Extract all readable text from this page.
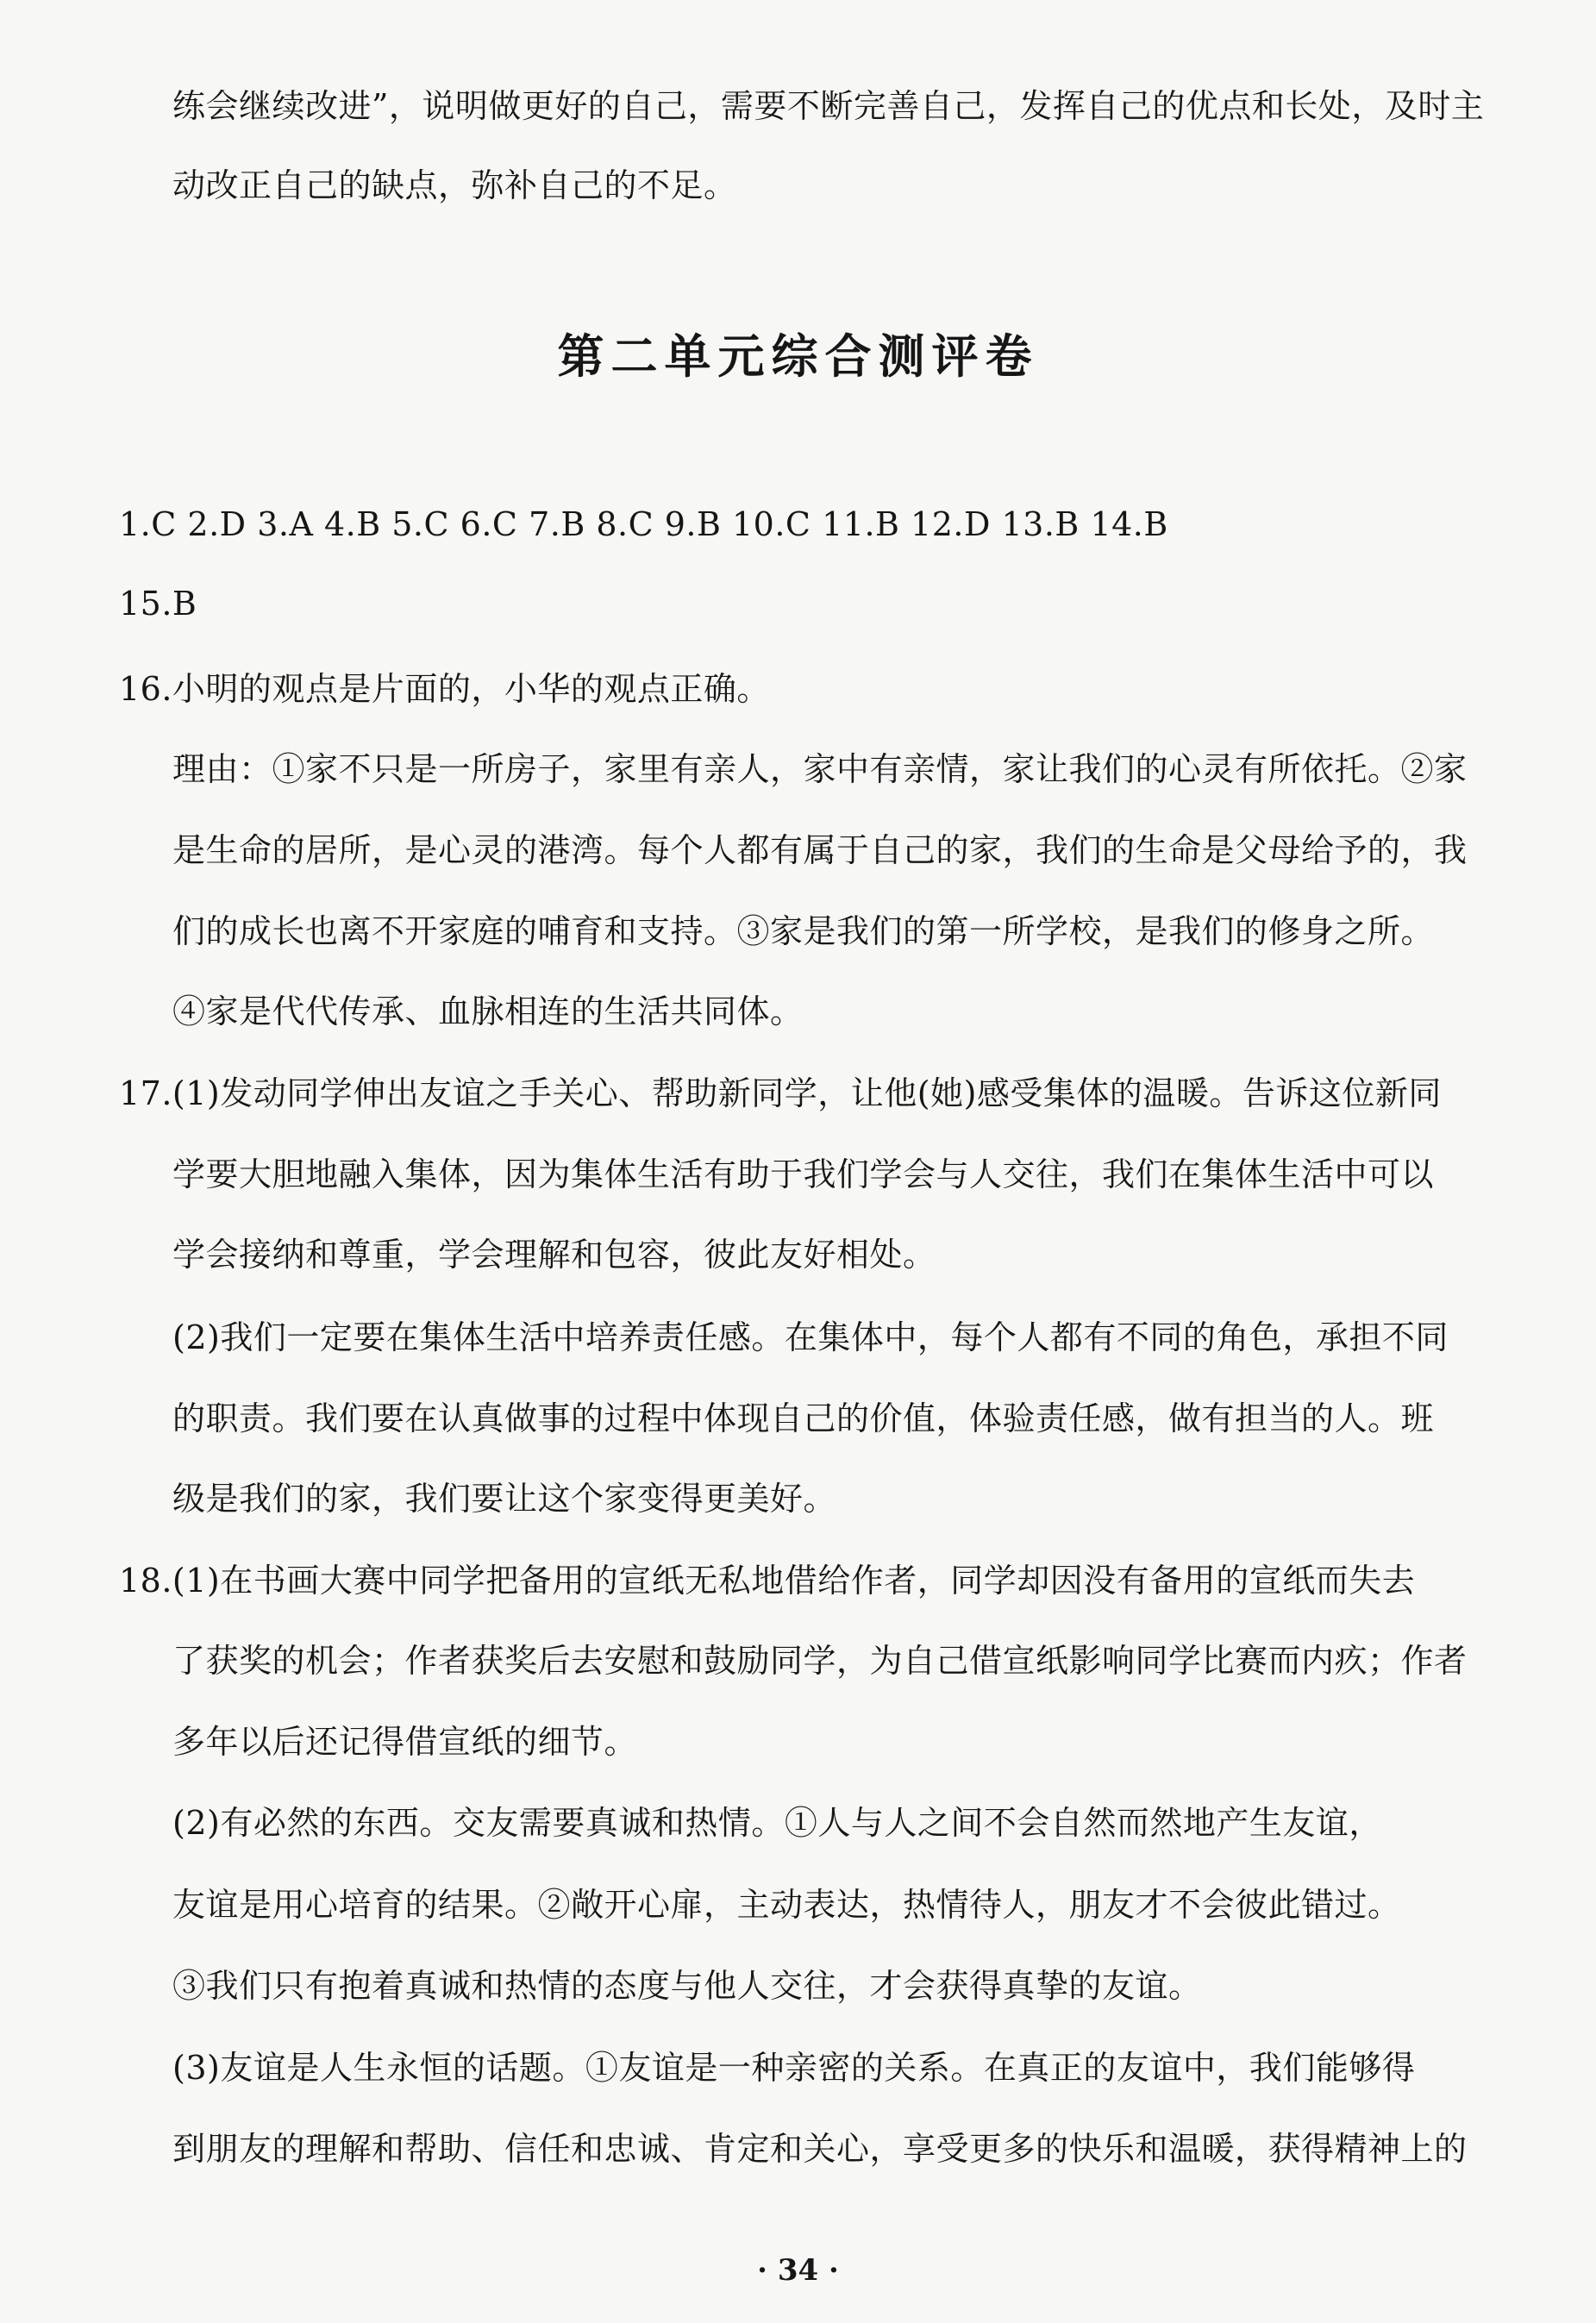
练会继续改进”，说明做更好的自己，需要不断完善自己，发挥自己的优点和长处，及时主
动改正自己的缺点，弥补自己的不足。
第二单元综合测评卷
1.C 2.D 3.A 4.B 5.C 6.C 7.B 8.C 9.B 10.C 11.B 12.D 13.B 14.B
15.B
16.小明的观点是片面的，小华的观点正确。
理由：①家不只是一所房子，家里有亲人，家中有亲情，家让我们的心灵有所依托。②家
是生命的居所，是心灵的港湾。每个人都有属于自己的家，我们的生命是父母给予的，我
们的成长也离不开家庭的哺育和支持。③家是我们的第一所学校，是我们的修身之所。
④家是代代传承、血脉相连的生活共同体。
17.(1)发动同学伸出友谊之手关心、帮助新同学，让他(她)感受集体的温暖。告诉这位新同
学要大胆地融入集体，因为集体生活有助于我们学会与人交往，我们在集体生活中可以
学会接纳和尊重，学会理解和包容，彼此友好相处。
(2)我们一定要在集体生活中培养责任感。在集体中，每个人都有不同的角色，承担不同
的职责。我们要在认真做事的过程中体现自己的价值，体验责任感，做有担当的人。班
级是我们的家，我们要让这个家变得更美好。
18.(1)在书画大赛中同学把备用的宣纸无私地借给作者，同学却因没有备用的宣纸而失去
了获奖的机会；作者获奖后去安慰和鼓励同学，为自己借宣纸影响同学比赛而内疚；作者
多年以后还记得借宣纸的细节。
(2)有必然的东西。交友需要真诚和热情。①人与人之间不会自然而然地产生友谊，
友谊是用心培育的结果。②敞开心扉，主动表达，热情待人，朋友才不会彼此错过。
③我们只有抱着真诚和热情的态度与他人交往，才会获得真挚的友谊。
(3)友谊是人生永恒的话题。①友谊是一种亲密的关系。在真正的友谊中，我们能够得
到朋友的理解和帮助、信任和忠诚、肯定和关心，享受更多的快乐和温暖，获得精神上的
· 34 ·
